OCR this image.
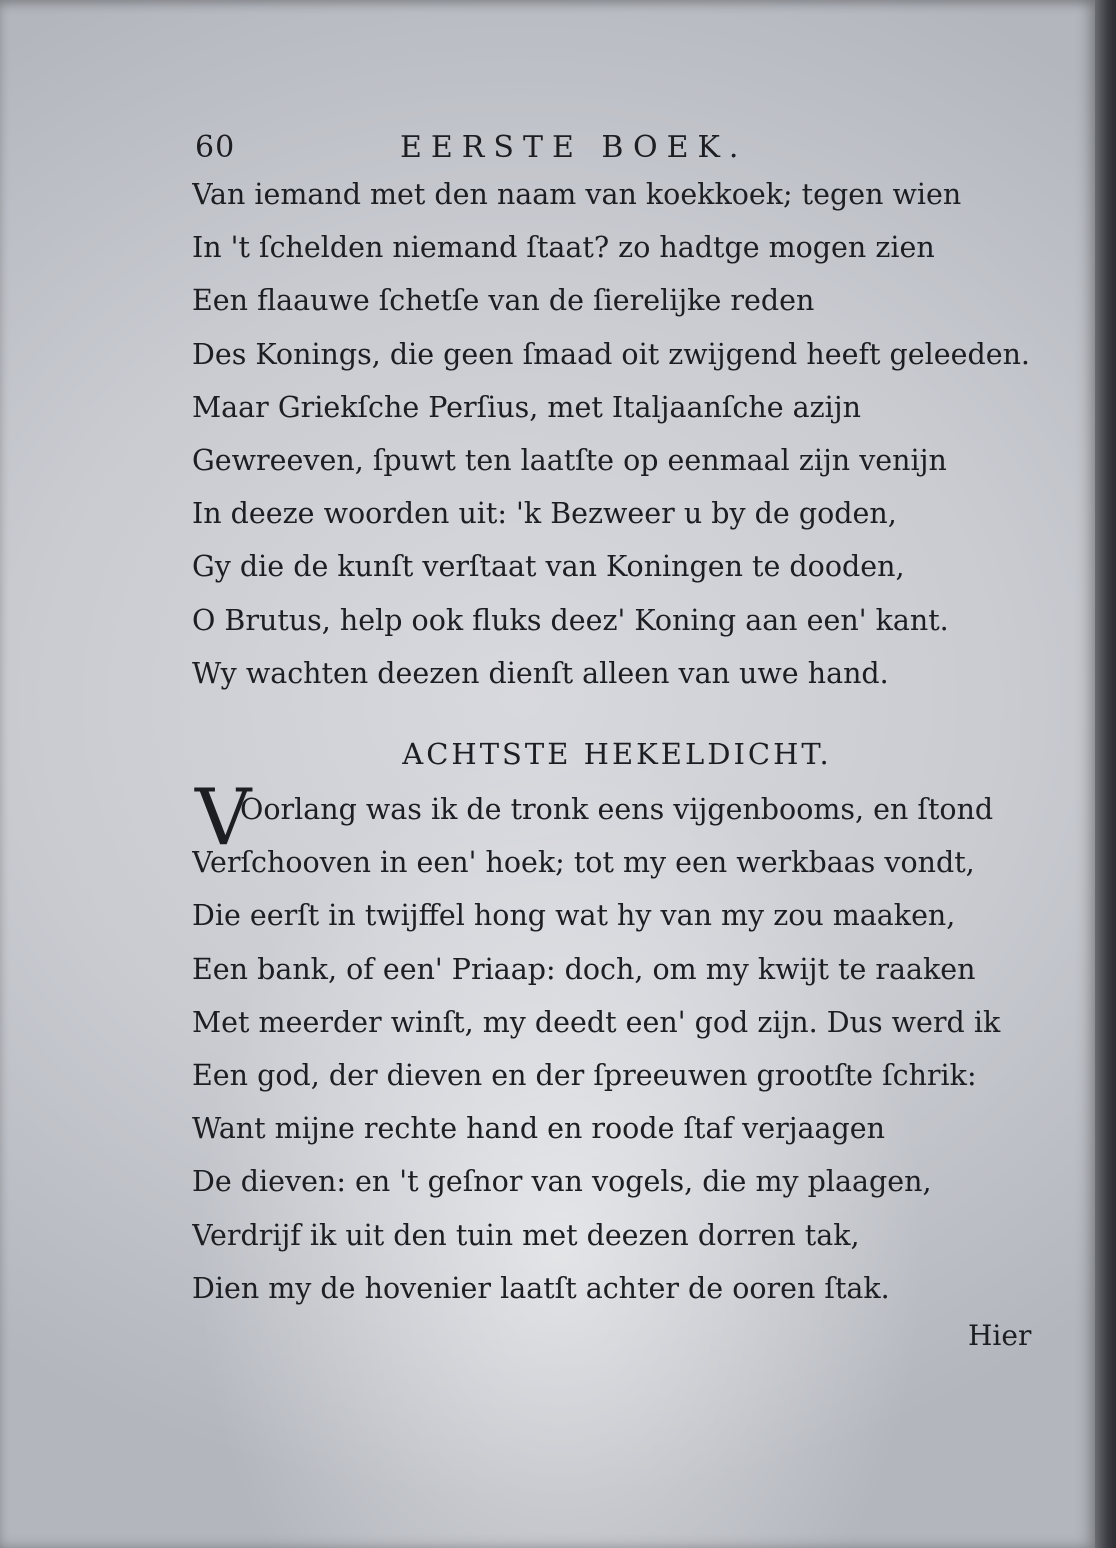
60	EERSTE BOEK.
Van iemand met den naam van koekkoek; tegen wien
In 't ſchelden niemand ſtaat? zo hadtge mogen zien
Een flaauwe ſchetſe van de ſierelijke reden
Des Konings, die geen ſmaad oit zwijgend heeft geleeden.
Maar Griekſche Perſius, met Italjaanſche azijn
Gewreeven, ſpuwt ten laatſte op eenmaal zijn venijn
In deeze woorden uit: 'k Bezweer u by de goden,
Gy die de kunſt verſtaat van Koningen te dooden,
O Brutus, help ook fluks deez' Koning aan een' kant.
Wy wachten deezen dienſt alleen van uwe hand.
ACHTSTE HEKELDICHT.
V
Oorlang was ik de tronk eens vijgenbooms, en ſtond
Verſchooven in een' hoek; tot my een werkbaas vondt,
Die eerſt in twijffel hong wat hy van my zou maaken,
Een bank, of een' Priaap: doch, om my kwijt te raaken
Met meerder winſt, my deedt een' god zijn. Dus werd ik
Een god, der dieven en der ſpreeuwen grootſte ſchrik:
Want mijne rechte hand en roode ſtaf verjaagen
De dieven: en 't geſnor van vogels, die my plaagen,
Verdrijf ik uit den tuin met deezen dorren tak,
Dien my de hovenier laatſt achter de ooren ſtak.
Hier
